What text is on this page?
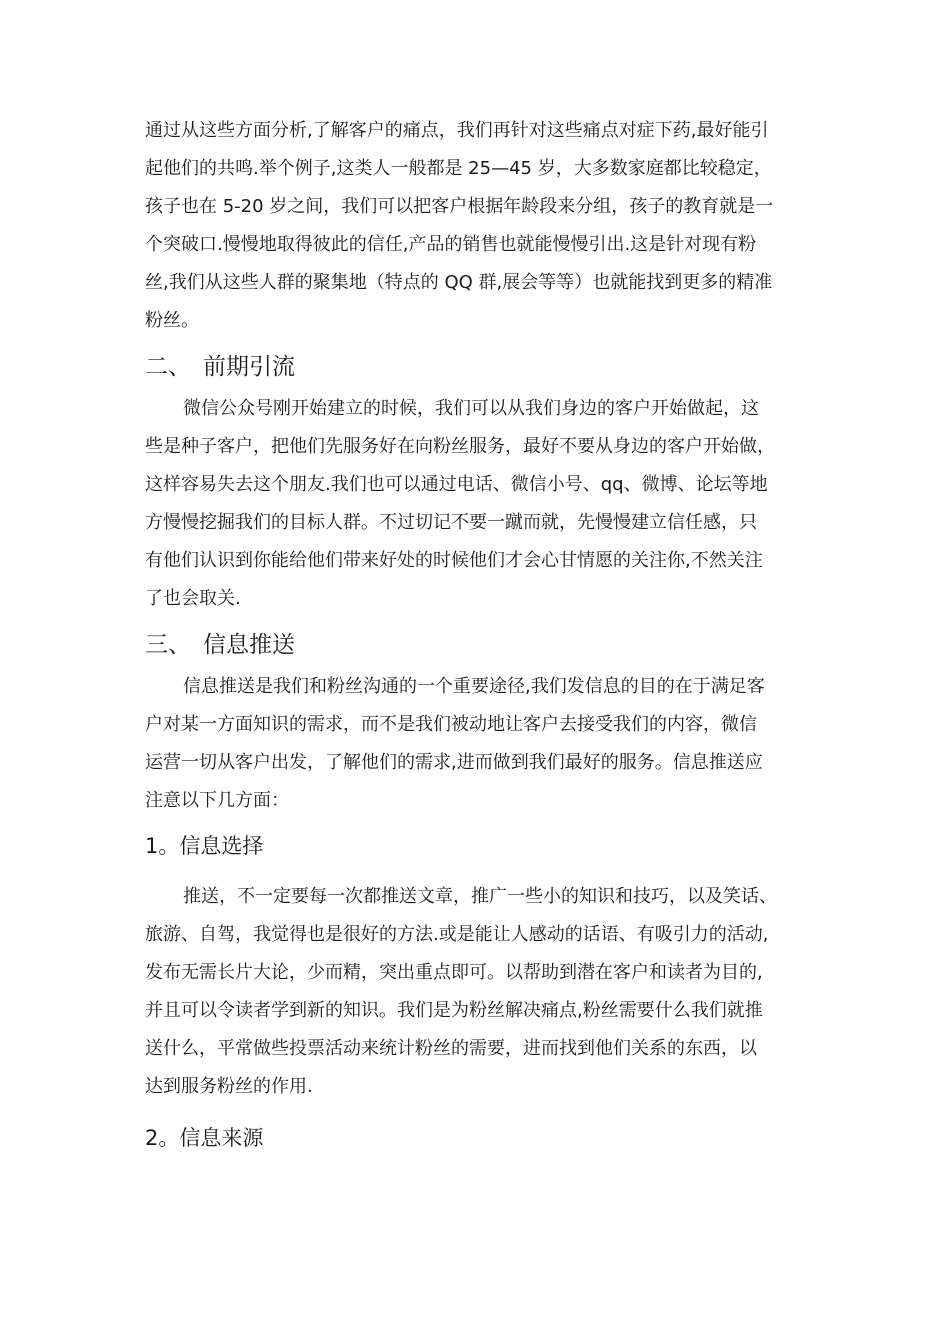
通过从这些方面分析,了解客户的痛点，我们再针对这些痛点对症下药,最好能引
起他们的共鸣.举个例子,这类人一般都是 25—45 岁，大多数家庭都比较稳定，
孩子也在 5-20 岁之间，我们可以把客户根据年龄段来分组，孩子的教育就是一
个突破口.慢慢地取得彼此的信任,产品的销售也就能慢慢引出.这是针对现有粉
丝,我们从这些人群的聚集地（特点的 QQ 群,展会等等）也就能找到更多的精准
粉丝。
二、 前期引流
微信公众号刚开始建立的时候，我们可以从我们身边的客户开始做起，这
些是种子客户，把他们先服务好在向粉丝服务，最好不要从身边的客户开始做，
这样容易失去这个朋友.我们也可以通过电话、微信小号、qq、微博、论坛等地
方慢慢挖掘我们的目标人群。不过切记不要一蹴而就，先慢慢建立信任感，只
有他们认识到你能给他们带来好处的时候他们才会心甘情愿的关注你,不然关注
了也会取关.
三、 信息推送
信息推送是我们和粉丝沟通的一个重要途径,我们发信息的目的在于满足客
户对某一方面知识的需求，而不是我们被动地让客户去接受我们的内容，微信
运营一切从客户出发，了解他们的需求,进而做到我们最好的服务。信息推送应
注意以下几方面：
1。信息选择
推送，不一定要每一次都推送文章，推广一些小的知识和技巧，以及笑话、
旅游、自驾，我觉得也是很好的方法.或是能让人感动的话语、有吸引力的活动,
发布无需长片大论，少而精，突出重点即可。以帮助到潜在客户和读者为目的,
并且可以令读者学到新的知识。我们是为粉丝解决痛点,粉丝需要什么我们就推
送什么，平常做些投票活动来统计粉丝的需要，进而找到他们关系的东西，以
达到服务粉丝的作用.
2。信息来源
